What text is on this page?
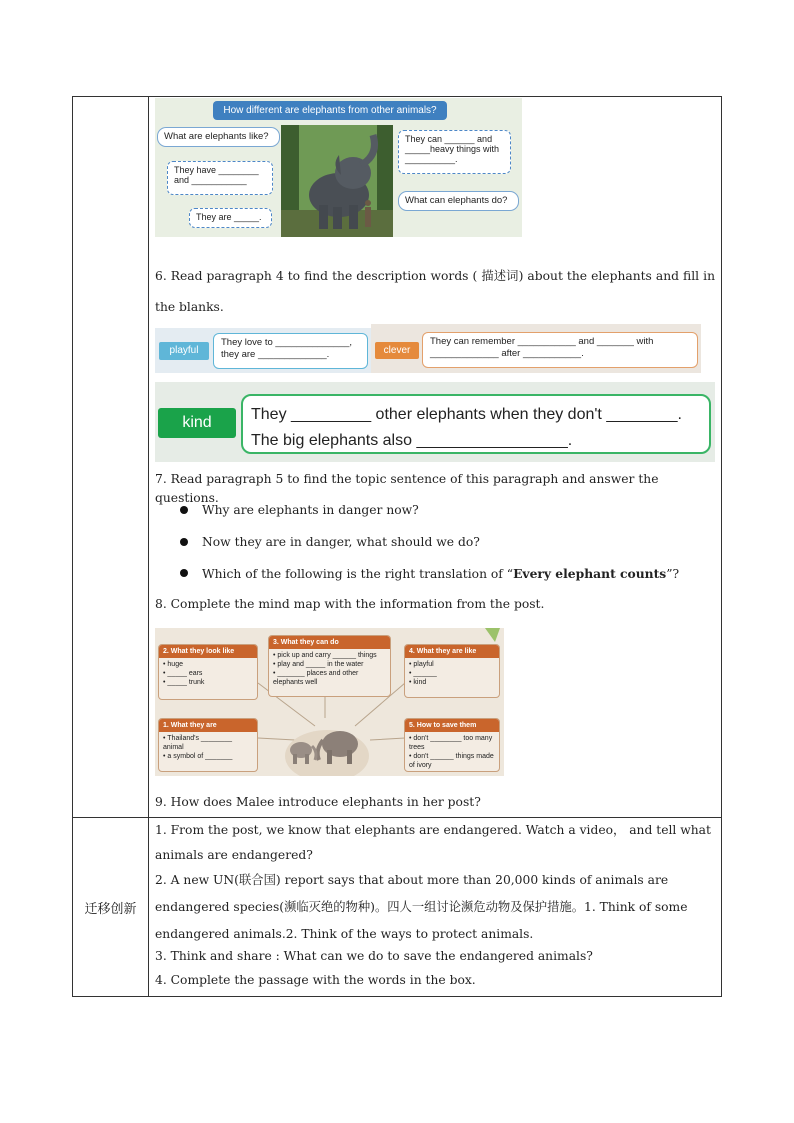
迁移创新
How different are elephants from other animals?
What are elephants like?
They have ________ and ___________
They are _____.
They can ______ and _____heavy things with __________.
What can elephants do?
6. Read paragraph 4 to find the description words ( 描述词) about the elephants and fill in the blanks.
playful
They love to ______________, they are _____________.	clever
They can remember ___________ and _______ with _____________ after ___________.
kind	They _________ other elephants when they don't ________. The big elephants also _________________.
7. Read paragraph 5 to find the topic sentence of this paragraph and answer the questions.
Why are elephants in danger now?
Now they are in danger, what should we do?
Which of the following is the right translation of “Every elephant counts”?
8. Complete the mind map with the information from the post.
2. What they look like
• huge
• _____ ears
• _____ trunk
3. What they can do
• pick up and carry ______ things
• play and _____ in the water
• _______ places and other elephants well
4. What they are like
• playful
• ______
• kind
1. What they are
• Thailand's ________ animal
• a symbol of _______
5. How to save them
• don't ________ too many trees
• don't ______ things made of ivory
9. How does Malee introduce elephants in her post?
1. From the post, we know that elephants are endangered. Watch a video， and tell what animals are endangered?
2. A new UN(联合国) report says that about more than 20,000 kinds of animals are endangered species(濒临灭绝的物种)。四人一组讨论濒危动物及保护措施。1. Think of some endangered animals.2. Think of the ways to protect animals.
3. Think and share : What can we do to save the endangered animals?
4. Complete the passage with the words in the box.
